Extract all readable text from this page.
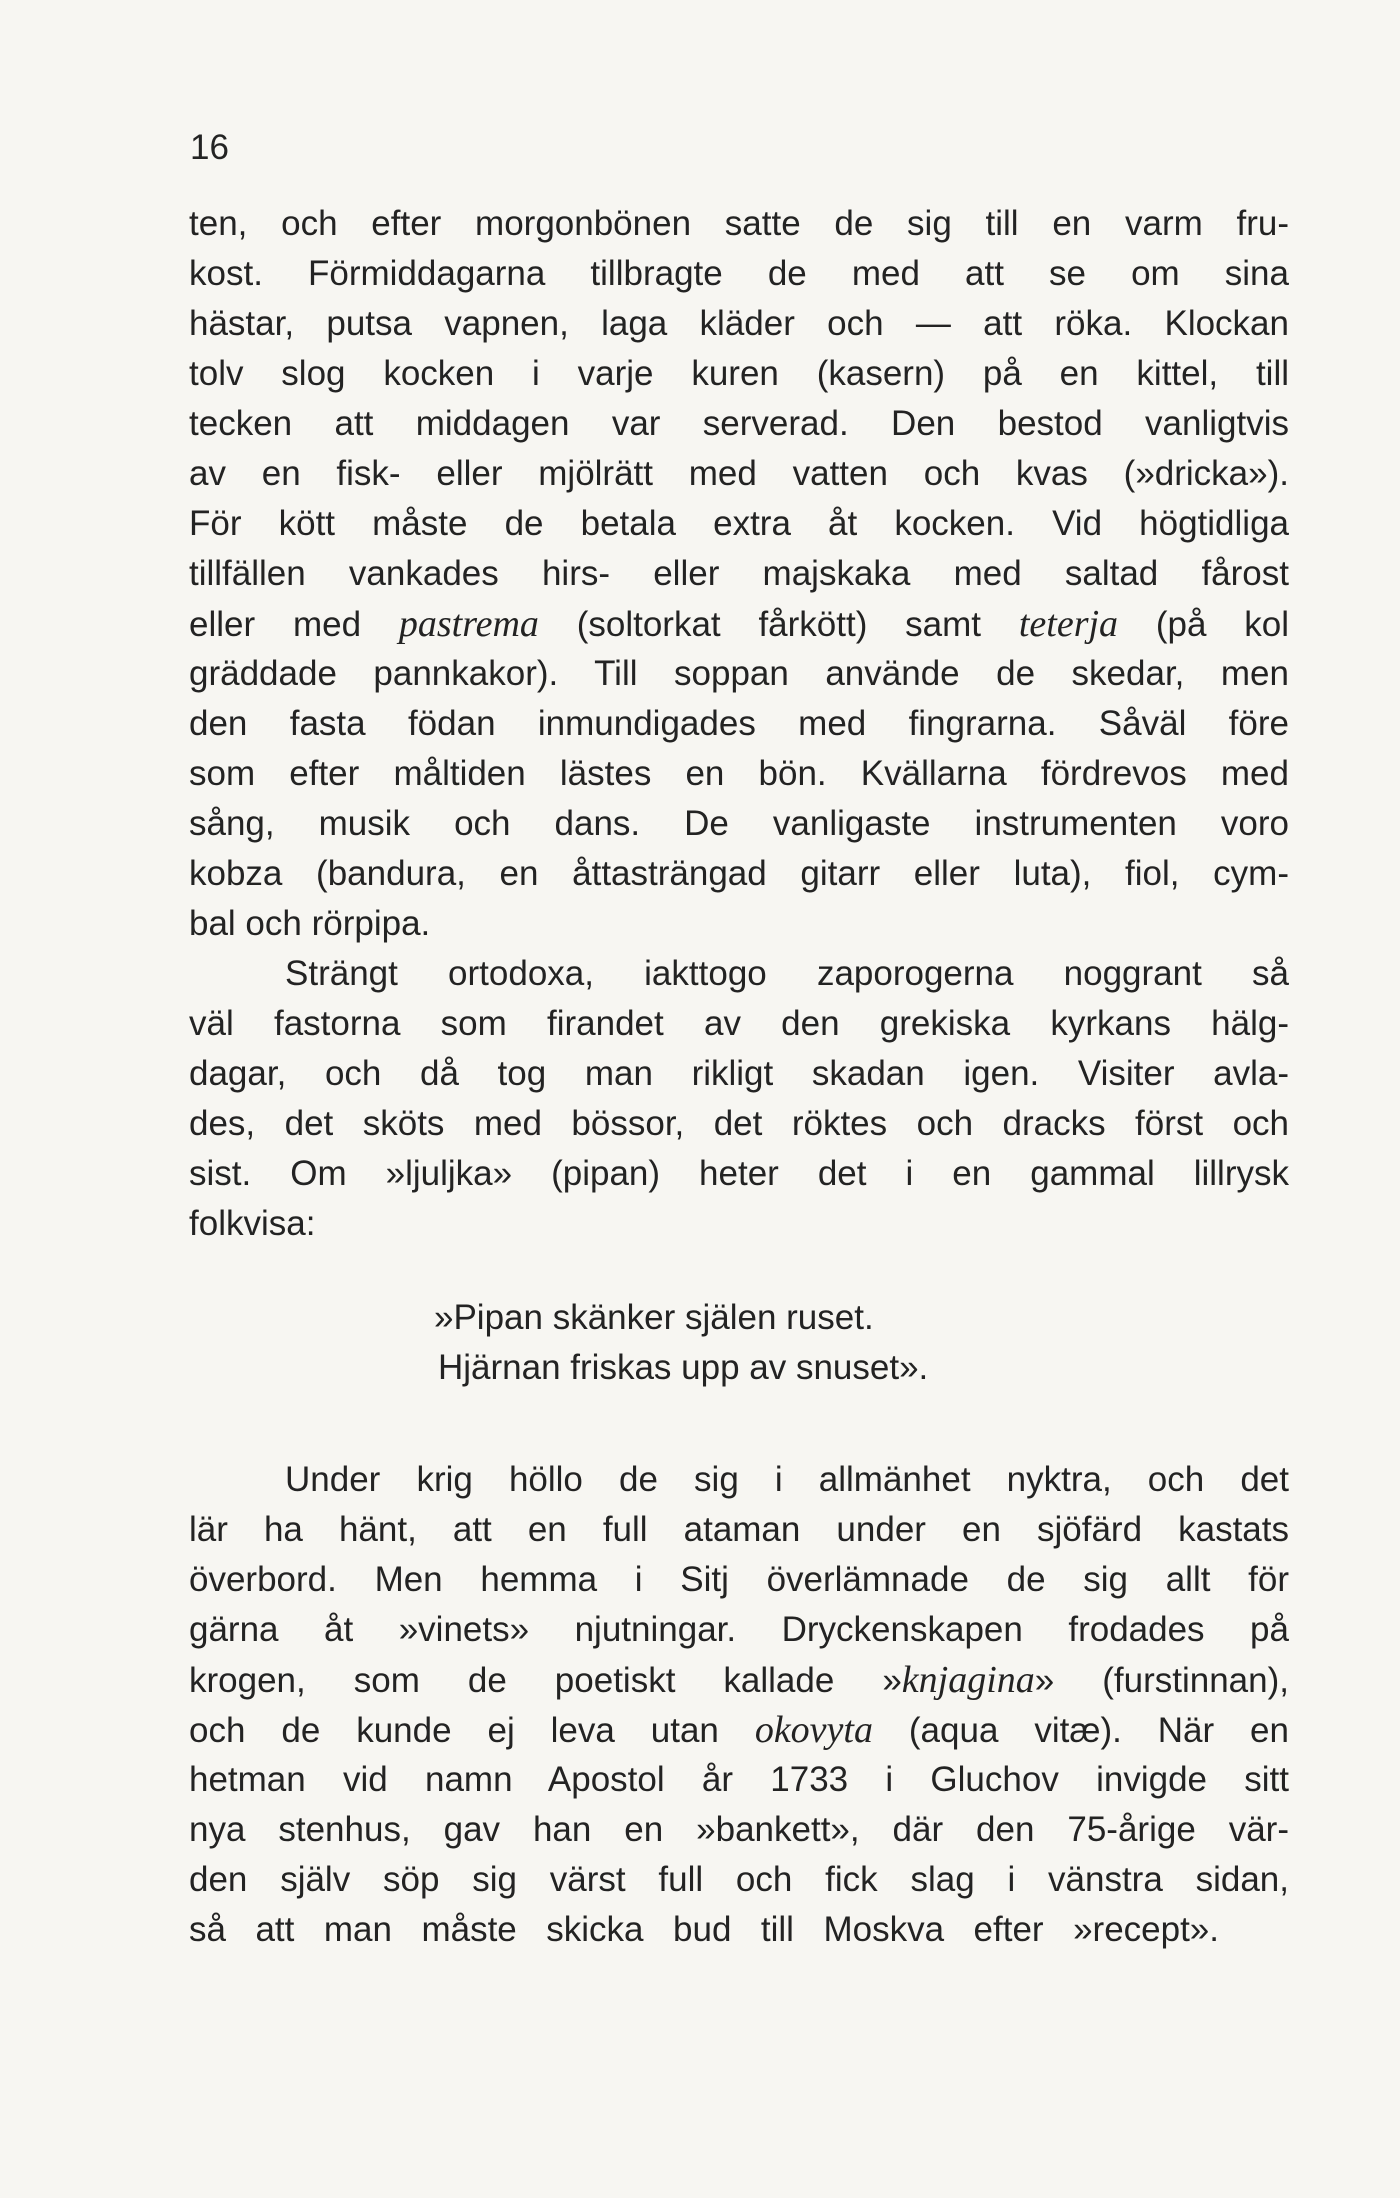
16
ten, och efter morgonbönen satte de sig till en varm fru-
kost. Förmiddagarna tillbragte de med att se om sina
hästar, putsa vapnen, laga kläder och — att röka. Klockan
tolv slog kocken i varje kuren (kasern) på en kittel, till
tecken att middagen var serverad. Den bestod vanligtvis
av en fisk- eller mjölrätt med vatten och kvas (»dricka»).
För kött måste de betala extra åt kocken. Vid högtidliga
tillfällen vankades hirs- eller majskaka med saltad fårost
eller med pastrema (soltorkat fårkött) samt teterja (på kol
gräddade pannkakor). Till soppan använde de skedar, men
den fasta födan inmundigades med fingrarna. Såväl före
som efter måltiden lästes en bön. Kvällarna fördrevos med
sång, musik och dans. De vanligaste instrumenten voro
kobza (bandura, en åttasträngad gitarr eller luta), fiol, cym-
bal och rörpipa.
Strängt ortodoxa, iakttogo zaporogerna noggrant så
väl fastorna som firandet av den grekiska kyrkans hälg-
dagar, och då tog man rikligt skadan igen. Visiter avla-
des, det sköts med bössor, det röktes och dracks först och
sist. Om »ljuljka» (pipan) heter det i en gammal lillrysk
folkvisa:
»Pipan skänker själen ruset.
Hjärnan friskas upp av snuset».
Under krig höllo de sig i allmänhet nyktra, och det
lär ha hänt, att en full ataman under en sjöfärd kastats
överbord. Men hemma i Sitj överlämnade de sig allt för
gärna åt »vinets» njutningar. Dryckenskapen frodades på
krogen, som de poetiskt kallade »knjagina» (furstinnan),
och de kunde ej leva utan okovyta (aqua vitæ). När en
hetman vid namn Apostol år 1733 i Gluchov invigde sitt
nya stenhus, gav han en »bankett», där den 75-årige vär-
den själv söp sig värst full och fick slag i vänstra sidan,
så att man måste skicka bud till Moskva efter »recept».
